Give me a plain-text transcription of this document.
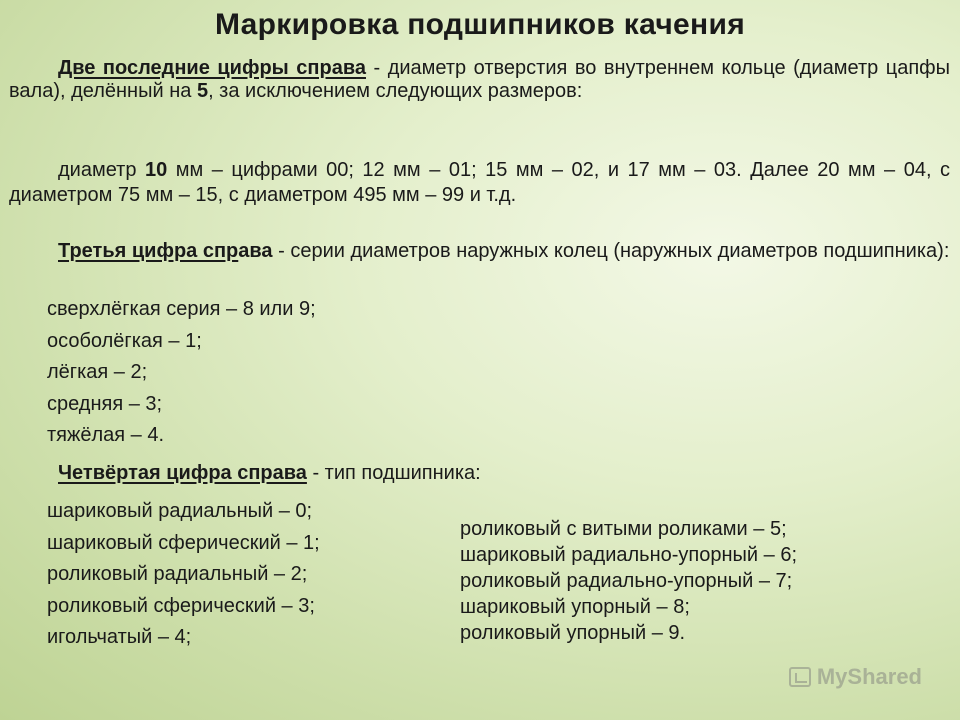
Маркировка подшипников качения
Две последние цифры справа - диаметр отверстия во внутреннем кольце (диаметр цапфы вала), делённый на 5, за исключением следующих размеров:
диаметр 10 мм – цифрами 00; 12 мм – 01; 15 мм – 02, и 17 мм – 03. Далее 20 мм – 04, с диаметром 75 мм – 15, с диаметром 495 мм – 99 и т.д.
Третья цифра справа - серии диаметров наружных колец (наружных диаметров подшипника):
сверхлёгкая серия – 8 или 9;
особолёгкая – 1;
лёгкая – 2;
средняя – 3;
тяжёлая – 4.
Четвёртая цифра справа - тип подшипника:
шариковый радиальный – 0;
шариковый сферический – 1;
роликовый радиальный – 2;
роликовый сферический – 3;
игольчатый – 4;
роликовый с витыми роликами – 5;
шариковый радиально-упорный – 6;
роликовый радиально-упорный – 7;
шариковый упорный – 8;
роликовый упорный – 9.
MyShared
